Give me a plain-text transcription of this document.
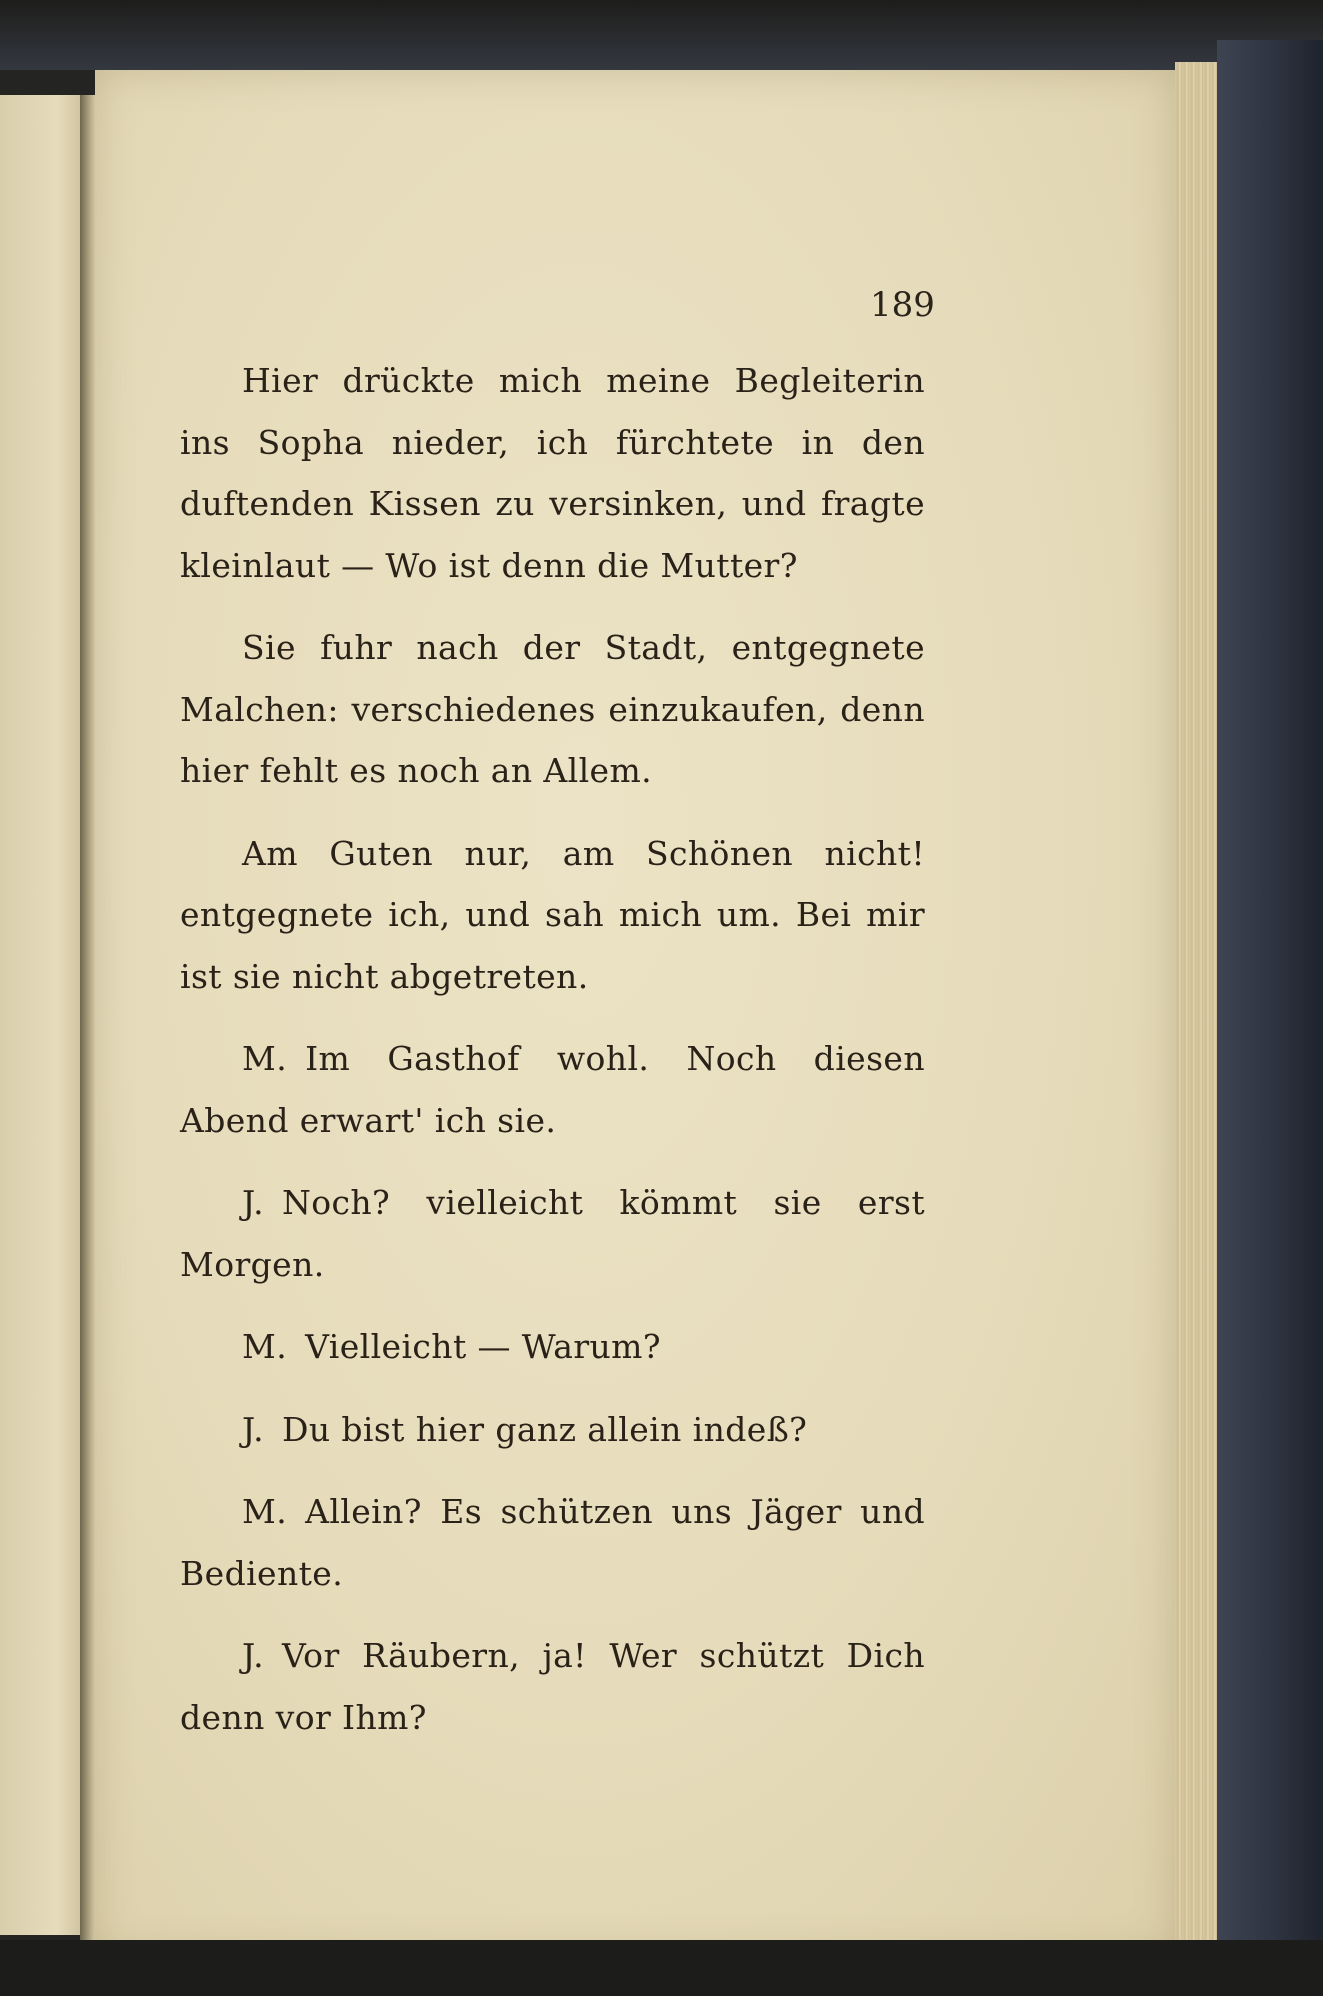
189

Hier drückte mich meine Begleiterin ins Sopha nieder, ich fürchtete in den duftenden Kissen zu versinken, und fragte kleinlaut — Wo ist denn die Mutter?

Sie fuhr nach der Stadt, entgegnete Malchen: verschiedenes einzukaufen, denn hier fehlt es noch an Allem.

Am Guten nur, am Schönen nicht! entgegnete ich, und sah mich um. Bei mir ist sie nicht abgetreten.

M. Im Gasthof wohl. Noch diesen Abend erwart' ich sie.

J. Noch? vielleicht kömmt sie erst Morgen.

M. Vielleicht — Warum?

J. Du bist hier ganz allein indeß?

M. Allein? Es schützen uns Jäger und Bediente.

J. Vor Räubern, ja! Wer schützt Dich denn vor Ihm?
